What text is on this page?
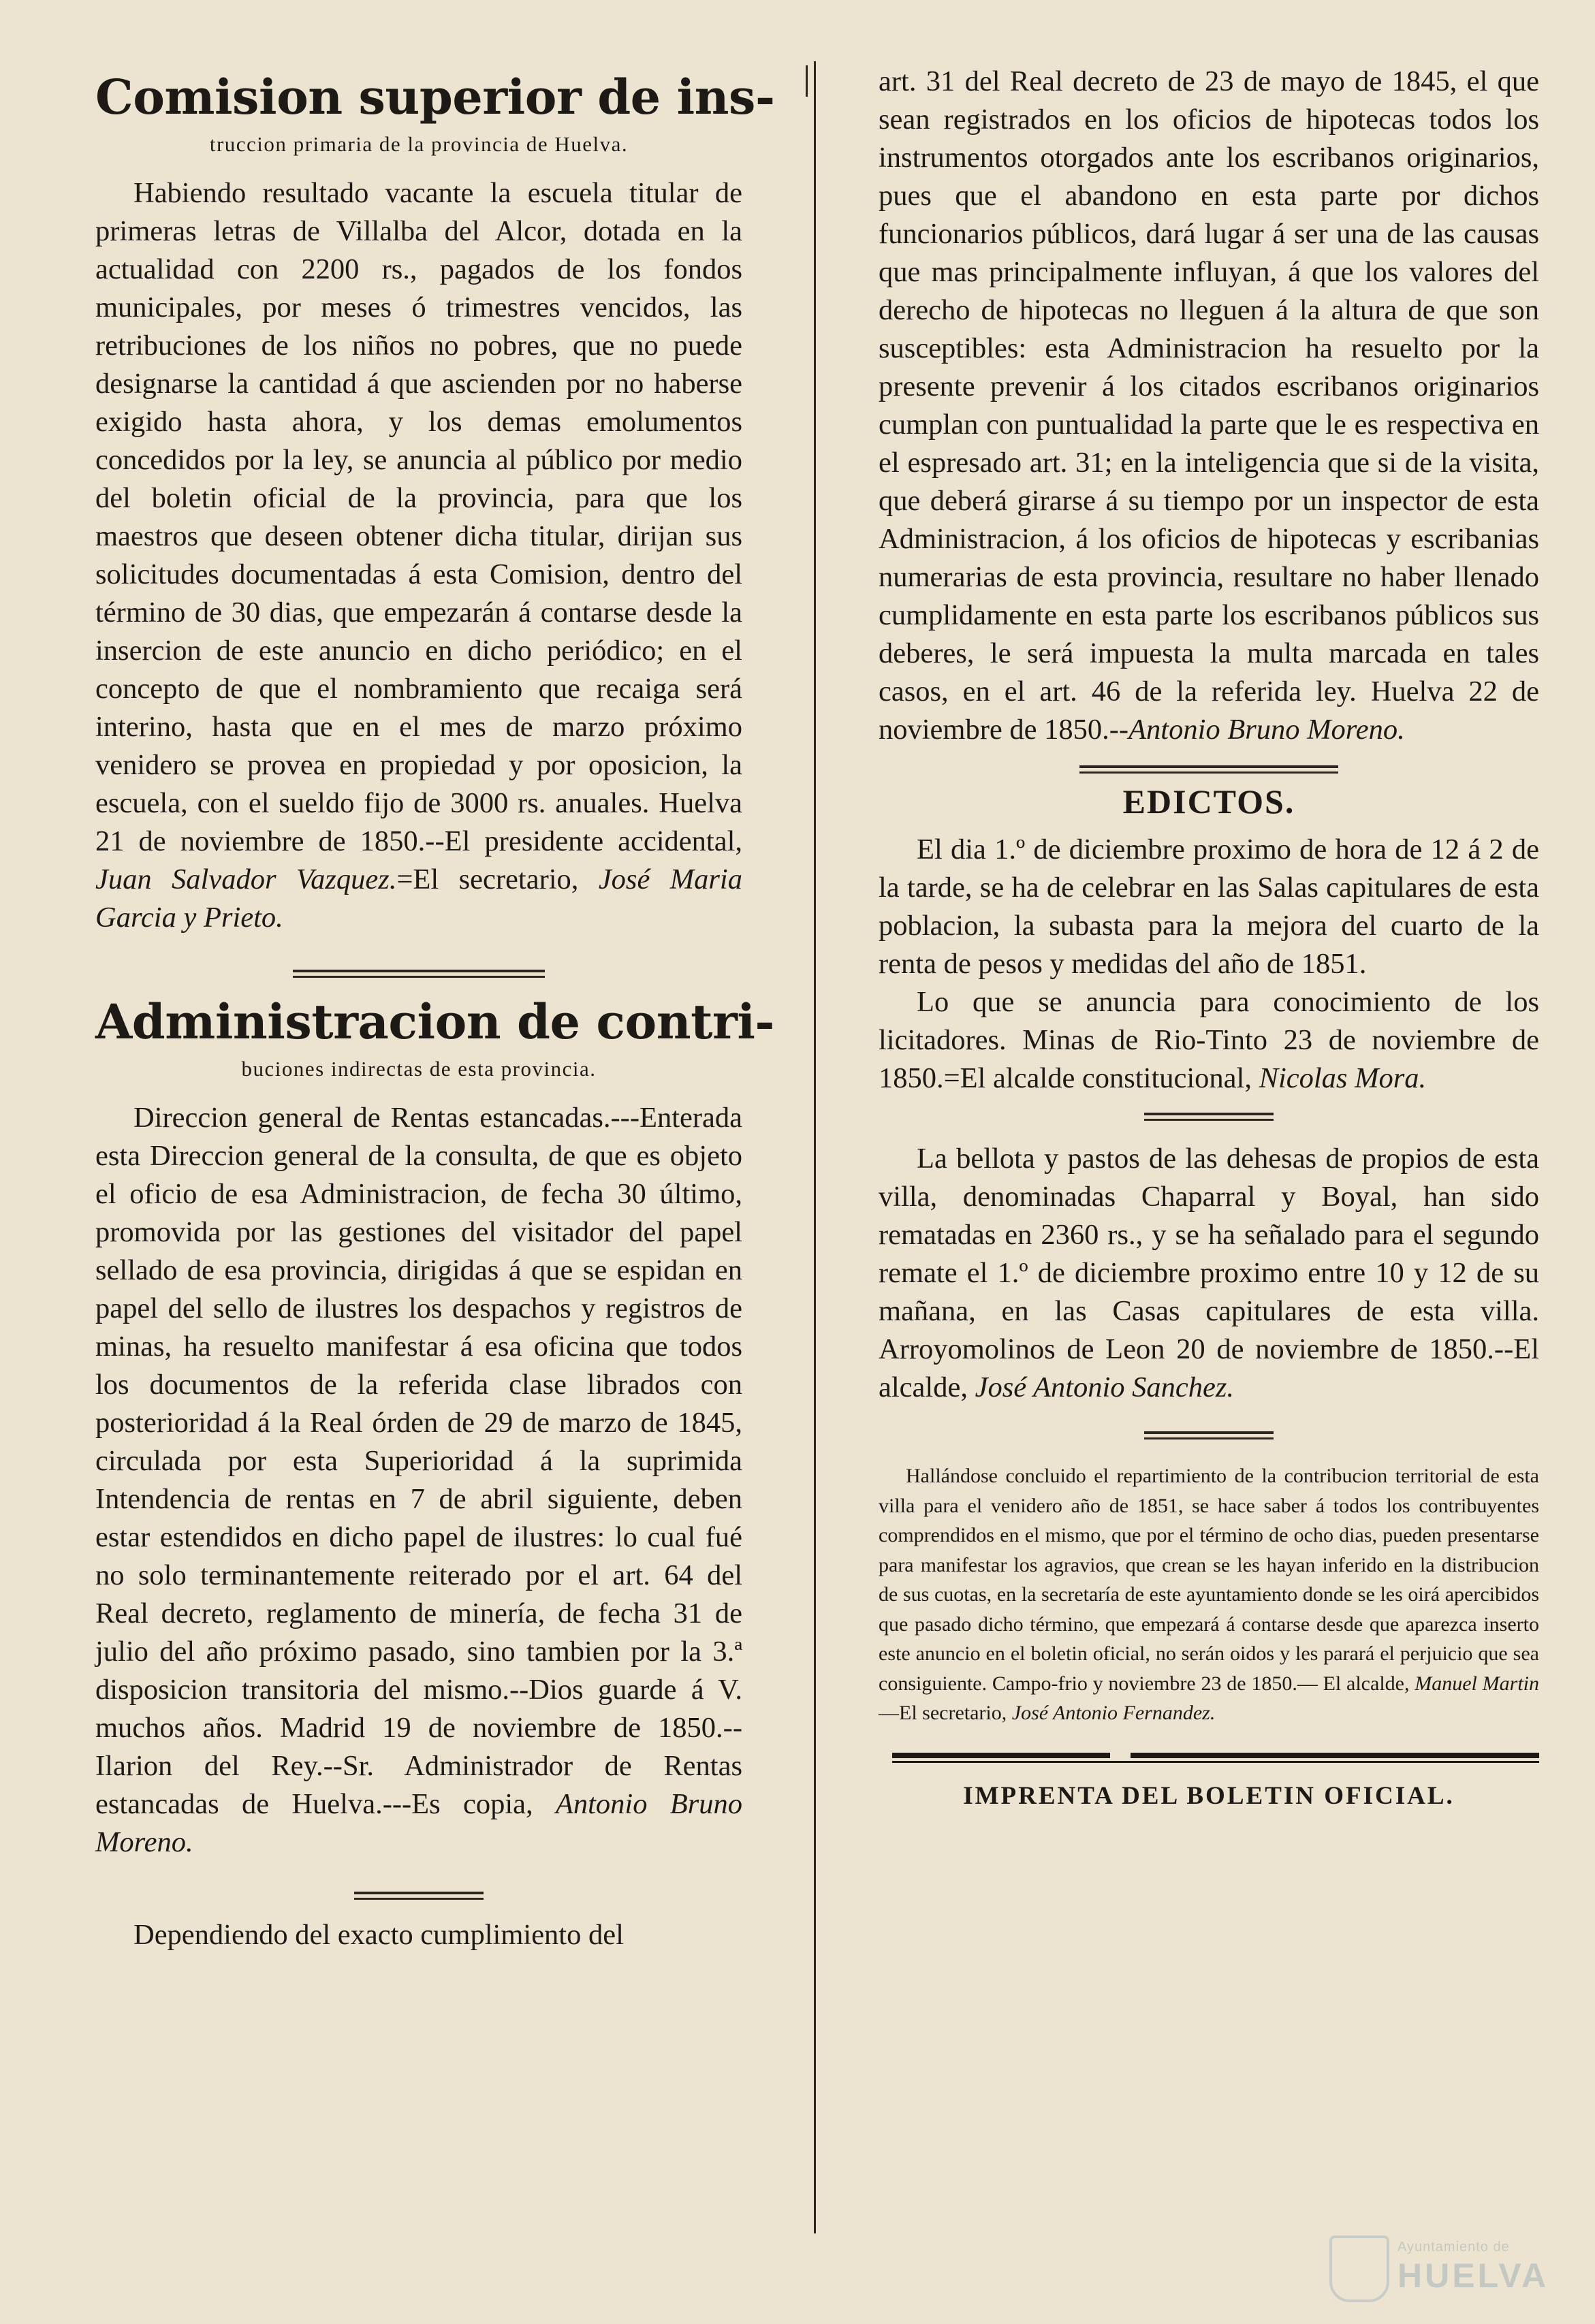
Comision superior de ins-
truccion primaria de la provincia de Huelva.

Habiendo resultado vacante la escuela titular de primeras letras de Villalba del Alcor, dotada en la actualidad con 2200 rs., pagados de los fondos municipales, por meses ó trimestres vencidos, las retribuciones de los niños no pobres, que no puede designarse la cantidad á que ascienden por no haberse exigido hasta ahora, y los demas emolumentos concedidos por la ley, se anuncia al público por medio del boletin oficial de la provincia, para que los maestros que deseen obtener dicha titular, dirijan sus solicitudes documentadas á esta Comision, dentro del término de 30 dias, que empezarán á contarse desde la insercion de este anuncio en dicho periódico; en el concepto de que el nombramiento que recaiga será interino, hasta que en el mes de marzo próximo venidero se provea en propiedad y por oposicion, la escuela, con el sueldo fijo de 3000 rs. anuales. Huelva 21 de noviembre de 1850.--El presidente accidental, Juan Salvador Vazquez.=El secretario, José Maria Garcia y Prieto.

Administracion de contri-
buciones indirectas de esta provincia.

Direccion general de Rentas estancadas.---Enterada esta Direccion general de la consulta, de que es objeto el oficio de esa Administracion, de fecha 30 último, promovida por las gestiones del visitador del papel sellado de esa provincia, dirigidas á que se espidan en papel del sello de ilustres los despachos y registros de minas, ha resuelto manifestar á esa oficina que todos los documentos de la referida clase librados con posterioridad á la Real órden de 29 de marzo de 1845, circulada por esta Superioridad á la suprimida Intendencia de rentas en 7 de abril siguiente, deben estar estendidos en dicho papel de ilustres: lo cual fué no solo terminantemente reiterado por el art. 64 del Real decreto, reglamento de minería, de fecha 31 de julio del año próximo pasado, sino tambien por la 3.ª disposicion transitoria del mismo.--Dios guarde á V. muchos años. Madrid 19 de noviembre de 1850.--Ilarion del Rey.--Sr. Administrador de Rentas estancadas de Huelva.---Es copia, Antonio Bruno Moreno.

Dependiendo del exacto cumplimiento del

art. 31 del Real decreto de 23 de mayo de 1845, el que sean registrados en los oficios de hipotecas todos los instrumentos otorgados ante los escribanos originarios, pues que el abandono en esta parte por dichos funcionarios públicos, dará lugar á ser una de las causas que mas principalmente influyan, á que los valores del derecho de hipotecas no lleguen á la altura de que son susceptibles: esta Administracion ha resuelto por la presente prevenir á los citados escribanos originarios cumplan con puntualidad la parte que le es respectiva en el espresado art. 31; en la inteligencia que si de la visita, que deberá girarse á su tiempo por un inspector de esta Administracion, á los oficios de hipotecas y escribanias numerarias de esta provincia, resultare no haber llenado cumplidamente en esta parte los escribanos públicos sus deberes, le será impuesta la multa marcada en tales casos, en el art. 46 de la referida ley. Huelva 22 de noviembre de 1850.--Antonio Bruno Moreno.

EDICTOS.

El dia 1.º de diciembre proximo de hora de 12 á 2 de la tarde, se ha de celebrar en las Salas capitulares de esta poblacion, la subasta para la mejora del cuarto de la renta de pesos y medidas del año de 1851.

Lo que se anuncia para conocimiento de los licitadores. Minas de Rio-Tinto 23 de noviembre de 1850.=El alcalde constitucional, Nicolas Mora.

La bellota y pastos de las dehesas de propios de esta villa, denominadas Chaparral y Boyal, han sido rematadas en 2360 rs., y se ha señalado para el segundo remate el 1.º de diciembre proximo entre 10 y 12 de su mañana, en las Casas capitulares de esta villa. Arroyomolinos de Leon 20 de noviembre de 1850.--El alcalde, José Antonio Sanchez.

Hallándose concluido el repartimiento de la contribucion territorial de esta villa para el venidero año de 1851, se hace saber á todos los contribuyentes comprendidos en el mismo, que por el término de ocho dias, pueden presentarse para manifestar los agravios, que crean se les hayan inferido en la distribucion de sus cuotas, en la secretaría de este ayuntamiento donde se les oirá apercibidos que pasado dicho término, que empezará á contarse desde que aparezca inserto este anuncio en el boletin oficial, no serán oidos y les parará el perjuicio que sea consiguiente. Campo-frio y noviembre 23 de 1850.— El alcalde, Manuel Martin—El secretario, José Antonio Fernandez.

IMPRENTA DEL BOLETIN OFICIAL.
Ayuntamiento de
HUELVA
